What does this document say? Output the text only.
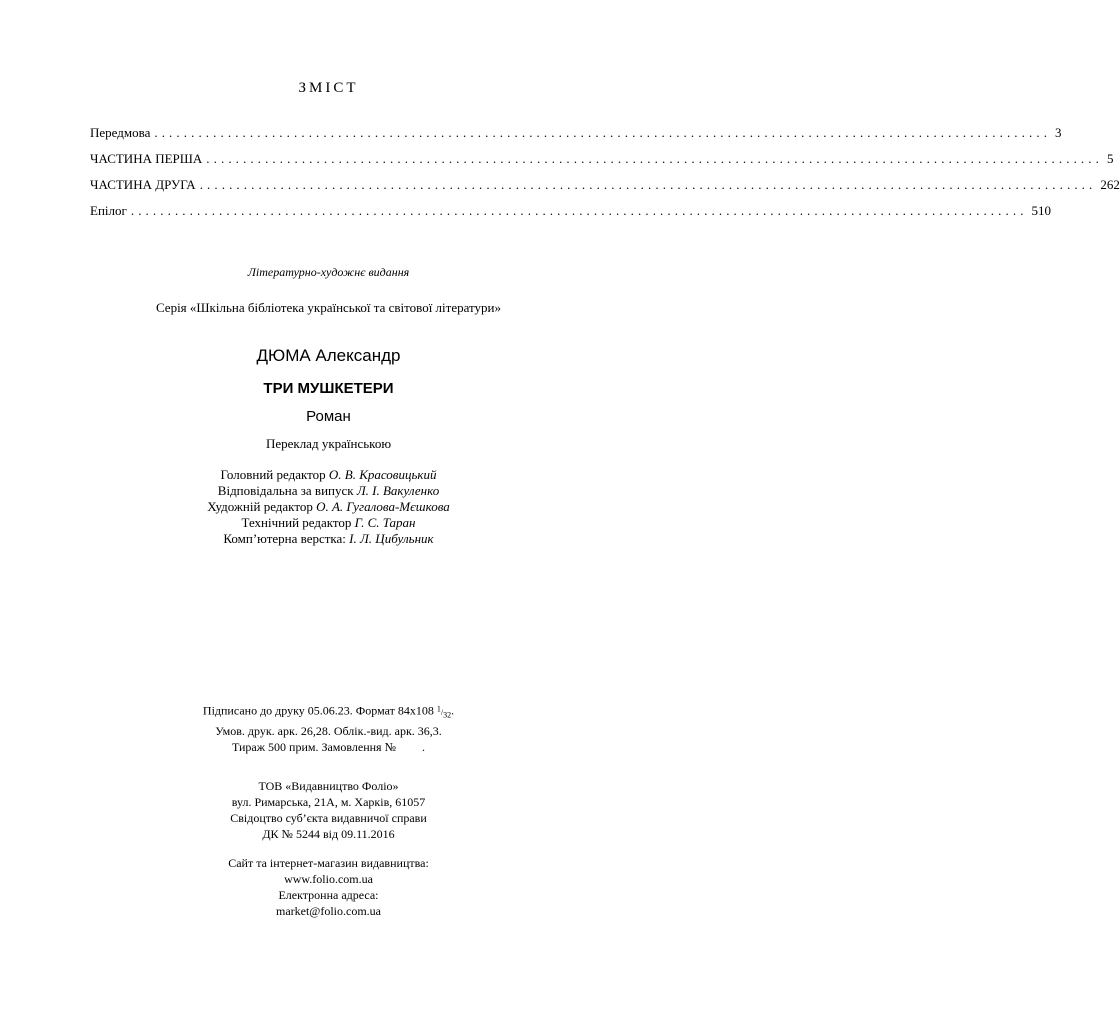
ЗМІСТ
Передмова .......................................................................................................................... 3
ЧАСТИНА ПЕРША .......................................................................................................................... 5
ЧАСТИНА ДРУГА .......................................................................................................................... 262
Епілог .......................................................................................................................... 510
Літературно-художнє видання
Серія «Шкільна бібліотека української та світової літератури»
ДЮМА Александр
ТРИ МУШКЕТЕРИ
Роман
Переклад українською
Головний редактор О. В. Красовицький
Відповідальна за випуск Л. І. Вакуленко
Художній редактор О. А. Гугалова-Мєшкова
Технічний редактор Г. С. Таран
Комп’ютерна верстка: І. Л. Цибульник
Підписано до друку 05.06.23. Формат 84x108 1/32.
Умов. друк. арк. 26,28. Облік.-вид. арк. 36,3.
Тираж 500 прим. Замовлення № .
ТОВ «Видавництво Фоліо»
вул. Римарська, 21А, м. Харків, 61057
Свідоцтво суб’єкта видавничої справи
ДК № 5244 від 09.11.2016
Сайт та інтернет-магазин видавництва:
www.folio.com.ua
Електронна адреса:
market@folio.com.ua
